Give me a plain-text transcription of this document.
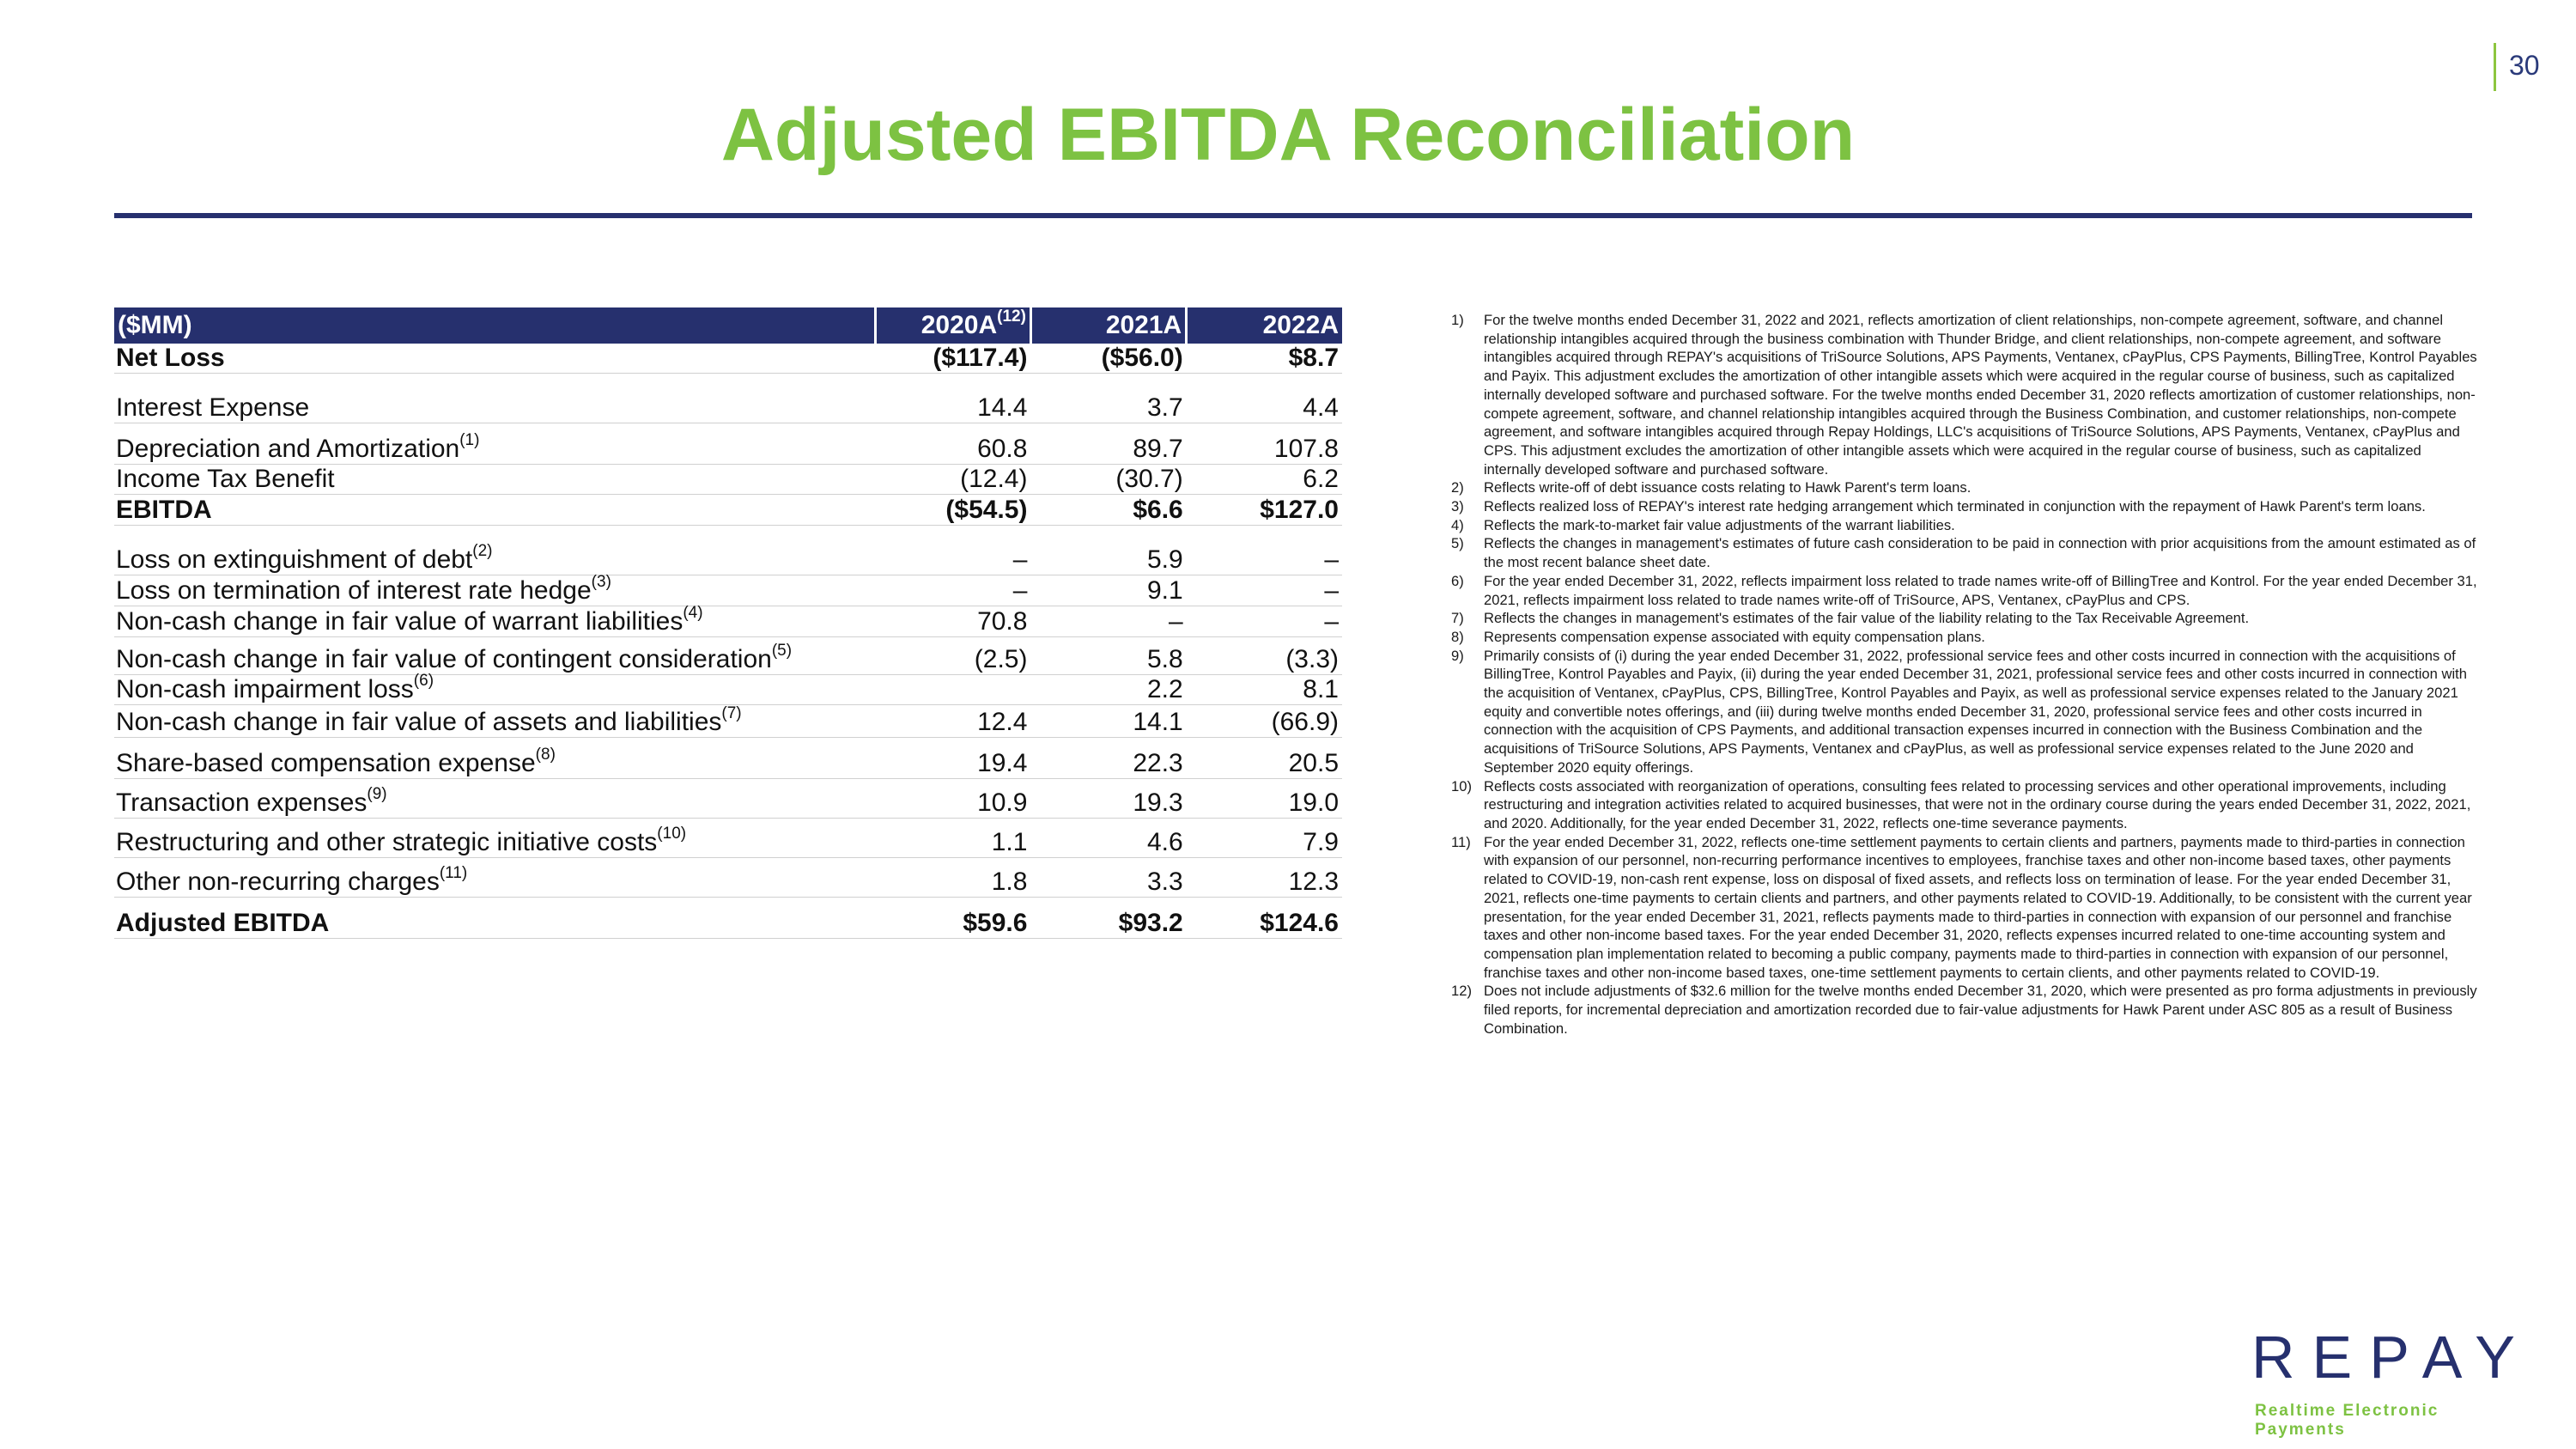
30
Adjusted EBITDA Reconciliation
($MM)	$2020A^{(12)}$	2021A	2022A
Net Loss	($117.4)	($56.0)	$8.7
Interest Expense	14.4	3.7	4.4
Depreciation and Amortization$^{(1)}$	60.8	89.7	107.8
Income Tax Benefit	(12.4)	(30.7)	6.2
EBITDA	($54.5)	$6.6	$127.0
Loss on extinguishment of debt$^{(2)}$	–	5.9	–
Loss on termination of interest rate hedge$^{(3)}$	–	9.1	–
Non-cash change in fair value of warrant liabilities$^{(4)}$	70.8	–	–
Non-cash change in fair value of contingent consideration$^{(5)}$	(2.5)	5.8	(3.3)
Non-cash impairment loss$^{(6)}$		2.2	8.1
Non-cash change in fair value of assets and liabilities$^{(7)}$	12.4	14.1	(66.9)
Share-based compensation expense$^{(8)}$	19.4	22.3	20.5
Transaction expenses$^{(9)}$	10.9	19.3	19.0
Restructuring and other strategic initiative costs$^{(10)}$	1.1	4.6	7.9
Other non-recurring charges$^{(11)}$	1.8	3.3	12.3
Adjusted EBITDA	$59.6	$93.2	$124.6
1)	For the twelve months ended December 31, 2022 and 2021, reflects amortization of client relationships, non-compete agreement, software, and channel relationship intangibles acquired through the business combination with Thunder Bridge, and client relationships, non-compete agreement, and software intangibles acquired through REPAY's acquisitions of TriSource Solutions, APS Payments, Ventanex, cPayPlus, CPS Payments, BillingTree, Kontrol Payables and Payix. This adjustment excludes the amortization of other intangible assets which were acquired in the regular course of business, such as capitalized internally developed software and purchased software. For the twelve months ended December 31, 2020 reflects amortization of customer relationships, non-compete agreement, software, and channel relationship intangibles acquired through the Business Combination, and customer relationships, non-compete agreement, and software intangibles acquired through Repay Holdings, LLC's acquisitions of TriSource Solutions, APS Payments, Ventanex, cPayPlus and CPS. This adjustment excludes the amortization of other intangible assets which were acquired in the regular course of business, such as capitalized internally developed software and purchased software.
2)	Reflects write-off of debt issuance costs relating to Hawk Parent's term loans.
3)	Reflects realized loss of REPAY's interest rate hedging arrangement which terminated in conjunction with the repayment of Hawk Parent's term loans.
4)	Reflects the mark-to-market fair value adjustments of the warrant liabilities.
5)	Reflects the changes in management's estimates of future cash consideration to be paid in connection with prior acquisitions from the amount estimated as of the most recent balance sheet date.
6)	For the year ended December 31, 2022, reflects impairment loss related to trade names write-off of BillingTree and Kontrol. For the year ended December 31, 2021, reflects impairment loss related to trade names write-off of TriSource, APS, Ventanex, cPayPlus and CPS.
7)	Reflects the changes in management's estimates of the fair value of the liability relating to the Tax Receivable Agreement.
8)	Represents compensation expense associated with equity compensation plans.
9)	Primarily consists of (i) during the year ended December 31, 2022, professional service fees and other costs incurred in connection with the acquisitions of BillingTree, Kontrol Payables and Payix, (ii) during the year ended December 31, 2021, professional service fees and other costs incurred in connection with the acquisition of Ventanex, cPayPlus, CPS, BillingTree, Kontrol Payables and Payix, as well as professional service expenses related to the January 2021 equity and convertible notes offerings, and (iii) during twelve months ended December 31, 2020, professional service fees and other costs incurred in connection with the acquisition of CPS Payments, and additional transaction expenses incurred in connection with the Business Combination and the acquisitions of TriSource Solutions, APS Payments, Ventanex and cPayPlus, as well as professional service expenses related to the June 2020 and September 2020 equity offerings.
10) Reflects costs associated with reorganization of operations, consulting fees related to processing services and other operational improvements, including restructuring and integration activities related to acquired businesses, that were not in the ordinary course during the years ended December 31, 2022, 2021, and 2020. Additionally, for the year ended December 31, 2022, reflects one-time severance payments.
11) For the year ended December 31, 2022, reflects one-time settlement payments to certain clients and partners, payments made to third-parties in connection with expansion of our personnel, non-recurring performance incentives to employees, franchise taxes and other non-income based taxes, other payments related to COVID-19, non-cash rent expense, loss on disposal of fixed assets, and reflects loss on termination of lease. For the year ended December 31, 2021, reflects one-time payments to certain clients and partners, and other payments related to COVID-19. Additionally, to be consistent with the current year presentation, for the year ended December 31, 2021, reflects payments made to third-parties in connection with expansion of our personnel and franchise taxes and other non-income based taxes. For the year ended December 31, 2020, reflects expenses incurred related to one-time accounting system and compensation plan implementation related to becoming a public company, payments made to third-parties in connection with expansion of our personnel, franchise taxes and other non-income based taxes, one-time settlement payments to certain clients, and other payments related to COVID-19.
12) Does not include adjustments of $32.6 million for the twelve months ended December 31, 2020, which were presented as pro forma adjustments in previously filed reports, for incremental depreciation and amortization recorded due to fair-value adjustments for Hawk Parent under ASC 805 as a result of Business Combination.
REPAY
Realtime Electronic Payments
